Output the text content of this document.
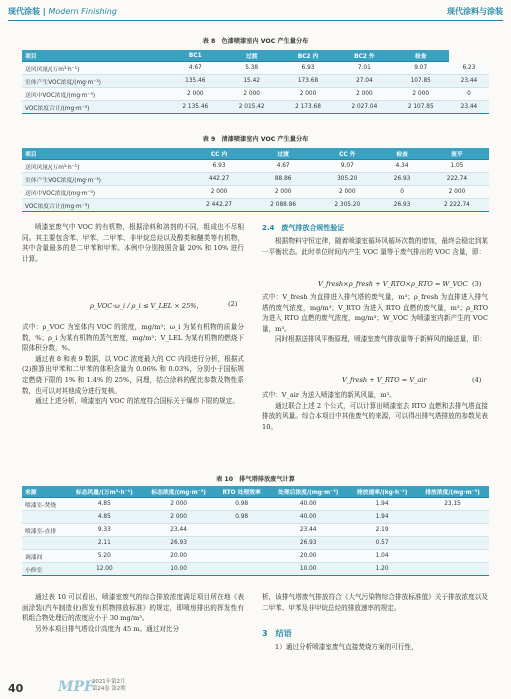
现代涂装 | Modern Finishing	现代涂料与涂装
表 8　色漆喷漆室内 VOC 产生量分布
项目	BC1	过渡	BC2 内	BC2 外	检查	
送风风量/(万m³·h⁻¹)	4.67	5.38	6.93	7.01	9.07	6.23
室体产生VOC浓度/(mg·m⁻³)	135.46	15.42	173.68	27.04	107.85	23.44
送风中VOC浓度/(mg·m⁻³)	2 000	2 000	2 000	2 000	2 000	0
VOC浓度合计/(mg·m⁻³)	2 135.46	2 015.42	2 173.68	2 027.04	2 107.85	23.44
表 9　清漆喷漆室内 VOC 产生量分布
项目	CC 内	过渡	CC 外	检查	流平
送风风量/(万m³·h⁻¹)	6.93	4.67	9.07	4.34	1.05
室体产生VOC浓度/(mg·m⁻³)	442.27	88.86	305.20	26.93	222.74
送风中VOC浓度/(mg·m⁻³)	2 000	2 000	2 000	0	2 000
VOC浓度合计/(mg·m⁻³)	2 442.27	2 088.86	2 305.20	26.93	2 222.74

喷漆室废气中 VOC 的有机物，根据涂料和溶剂的不同，组成也不尽相同。其主要包含苯、甲苯、二甲苯、非甲烷总烃以及醇类和醚类等有机物，其中含量最多的是二甲苯和甲苯。本例中分别按照含量 20% 和 10% 进行计算。

ρ_VOC·ω_i / ρ_i ≤ V_LEL × 25%，	(2)

式中：ρ_VOC 为室体内 VOC 的浓度，mg/m³；ω_i 为某有机物的质量分数，%；ρ_i 为某有机物的蒸气密度，mg/m³；V_LEL 为某有机物的燃烧下限体积分数，%。

通过表 8 和表 9 数据，以 VOC 浓度最大的 CC 内段进行分析，根据式(2)推算出甲苯和二甲苯的体积含量为 0.06% 和 0.03%，分别小于国标规定燃烧下限的 1% 和 1.4% 的 25%，同理，结合涂料的配比参数及物性系数，也可以对其他成分进行复核。

通过上述分析，喷漆室内 VOC 的浓度符合国标关于爆炸下限的规定。

2.4　废气排放合规性验证

根据物料守恒定律，随着喷漆室循环风循环次数的增加，最终会稳定到某一平衡状态。此时单位时间内产生 VOC 量等于废气排出的 VOC 含量，即：

V_fresh×ρ_fresh + V_RTO×ρ_RTO = W_VOC (3)

式中：V_fresh 为直排进入排气塔的废气量，m³；ρ_fresh 为直排进入排气塔的废气浓度，mg/m³；V_RTO 为进入 RTO 直燃的废气量，m³；ρ_RTO 为进入 RTO 直燃的废气浓度，mg/m³；W_VOC 为喷漆室内新产生的 VOC 量，m³。

同时根据送排风平衡原理，喷漆室废气排放量等于新鲜风的输送量，即：

V_fresh + V_RTO = V_air	(4)

式中：V_air 为送入喷漆室的新风风量，m³。

通过联合上述 2 个公式，可以计算出喷漆室去 RTO 直燃和去排气塔直接排放的风量。综合本项目中其他废气的来源，可以得出排气塔排放的参数见表 10。

表 10　排气塔排放废气计算
来源	标态风量/(万m³·h⁻¹)	标态浓度/(mg·m⁻³)	RTO 处理效率	处理后浓度/(mg·m⁻³)	排放速率/(kg·h⁻¹)	排放浓度/(mg·m⁻³)
喷漆室-焚烧	4.85	2 000	0.98	40.00	1.94	23.15
	4.85	2 000	0.98	40.00	1.94	
喷漆室-直排	9.33	23.44		23.44	2.19	
	2.11	26.93		26.93	0.57	
调漆间	5.20	20.00		20.00	1.04	
小修室	12.00	10.00		10.00	1.20	

通过表 10 可以看出，喷漆室废气的综合排放浓度满足项目所在地《表面涂装(汽车制造业)挥发有机物排放标准》的规定，即喷房排出的挥发性有机组合物处理后的浓度应小于 30 mg/m³。

另外本项目排气塔设计高度为 45 m。通过对比分

析，该排气塔废气排放符合《大气污染物综合排放标准值》关于排放浓度以及二甲苯、甲苯及非甲烷总烃的排放速率的规定。

3　结语

1）通过分析喷漆室废气直接焚烧方案的可行性，

40 MPF
2021年第2月
第24卷 第2期
